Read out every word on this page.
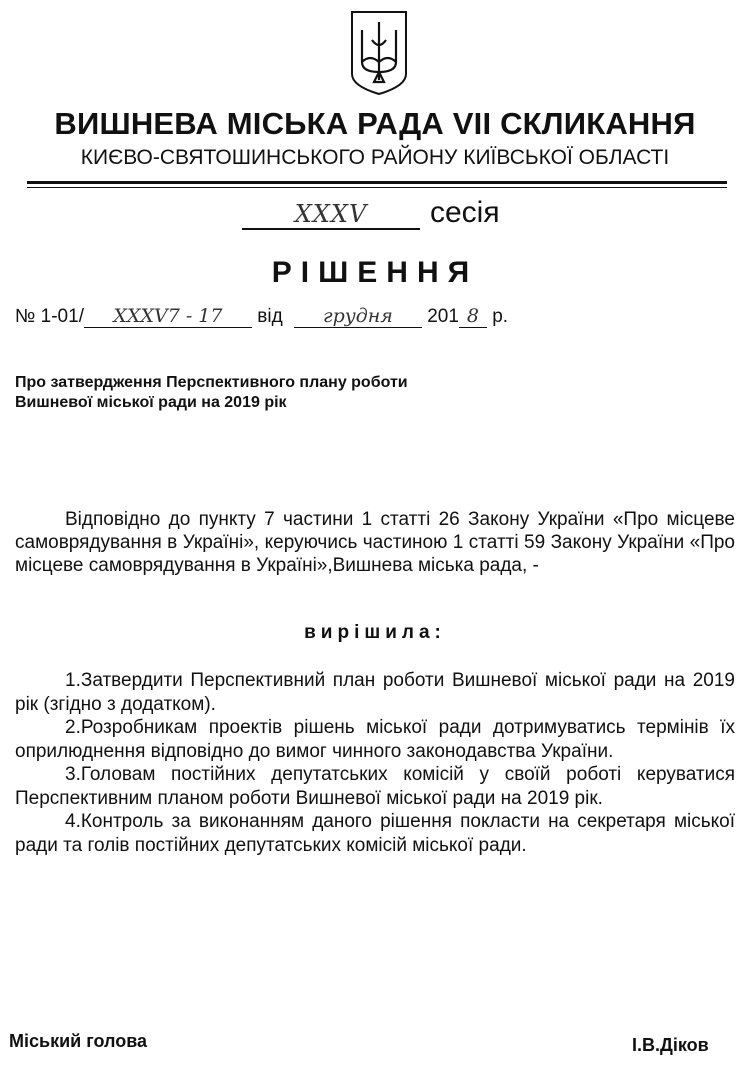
ВИШНЕВА МІСЬКА РАДА VII СКЛИКАННЯ
КИЄВО-СВЯТОШИНСЬКОГО РАЙОНУ КИЇВСЬКОЇ ОБЛАСТІ
XXXV сесія
РІШЕННЯ
№ 1-01/ XXXV7 - 17 від грудня 201 8 р.
Про затвердження Перспективного плану роботи
Вишневої міської ради на 2019 рік
Відповідно до пункту 7 частини 1 статті 26 Закону України «Про місцеве самоврядування в Україні», керуючись частиною 1 статті 59 Закону України «Про місцеве самоврядування в Україні»,Вишнева міська рада, -
вирішила:

1.Затвердити Перспективний план роботи Вишневої міської ради на 2019 рік (згідно з додатком).

2.Розробникам проектів рішень міської ради дотримуватись термінів їх оприлюднення відповідно до вимог чинного законодавства України.

3.Головам постійних депутатських комісій у своїй роботі керуватися Перспективним планом роботи Вишневої міської ради на 2019 рік.

4.Контроль за виконанням даного рішення покласти на секретаря міської ради та голів постійних депутатських комісій міської ради.

Міський голова	І.В.Діков
